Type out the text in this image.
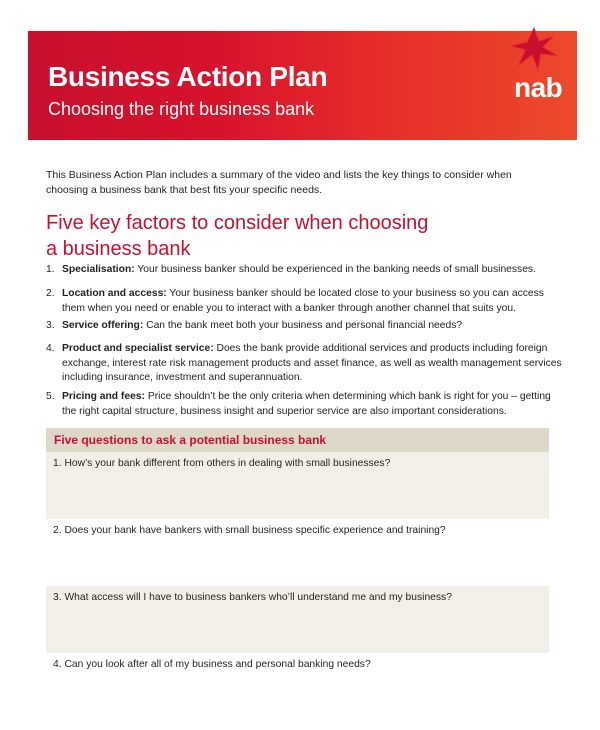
Business Action Plan
Choosing the right business bank
nab
This Business Action Plan includes a summary of the video and lists the key things to consider when choosing a business bank that best fits your specific needs.
Five key factors to consider when choosing
a business bank
1. Specialisation: Your business banker should be experienced in the banking needs of small businesses.
2. Location and access: Your business banker should be located close to your business so you can access them when you need or enable you to interact with a banker through another channel that suits you.
3. Service offering: Can the bank meet both your business and personal financial needs?
4. Product and specialist service: Does the bank provide additional services and products including foreign exchange, interest rate risk management products and asset finance, as well as wealth management services including insurance, investment and superannuation.
5. Pricing and fees: Price shouldn’t be the only criteria when determining which bank is right for you – getting the right capital structure, business insight and superior service are also important considerations.
Five questions to ask a potential business bank
1. How’s your bank different from others in dealing with small businesses?
2. Does your bank have bankers with small business specific experience and training?
3. What access will I have to business bankers who’ll understand me and my business?
4. Can you look after all of my business and personal banking needs?
